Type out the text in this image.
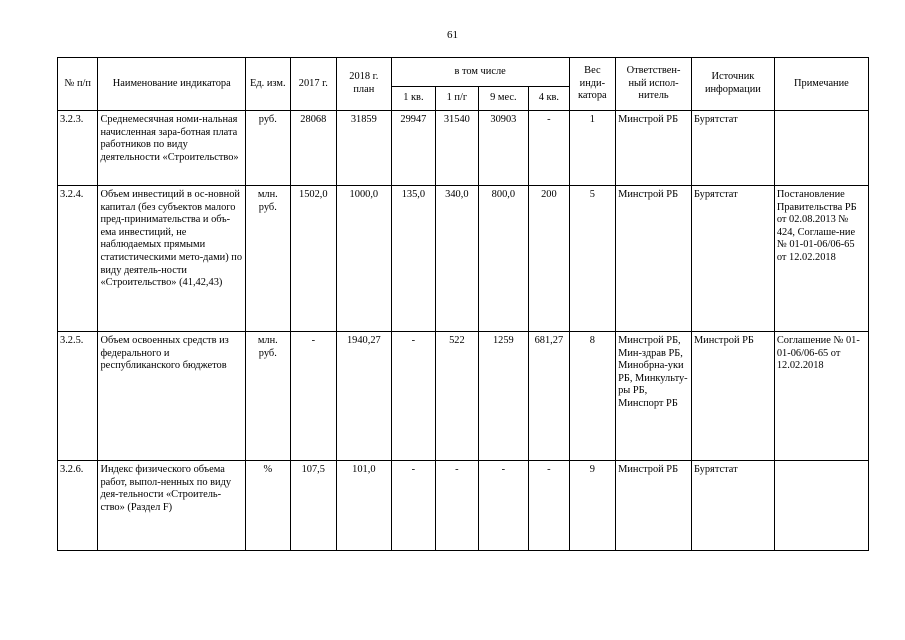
61
№ п/п	Наименование индикатора	Ед. изм.	2017 г.	2018 г. план	в том числе				Вес инди-катора	Ответствен-ный испол-нитель	Источник информации	Примечание
					1 кв.	1 п/г	9 мес.	4 кв.				
3.2.3.	Среднемесячная номи-нальная начисленная зара-ботная плата работников по виду деятельности «Строительство»	руб.	28068	31859	29947	31540	30903	-	1	Минстрой РБ	Бурятстат	
3.2.4.	Объем инвестиций в ос-новной капитал (без субъектов малого пред-принимательства и объ-ема инвестиций, не наблюдаемых прямыми статистическими мето-дами) по виду деятель-ности «Строительство» (41,42,43)	млн. руб.	1502,0	1000,0	135,0	340,0	800,0	200	5	Минстрой РБ	Бурятстат	Постановление Правительства РБ от 02.08.2013 № 424, Соглаше-ние № 01-01-06/06-65 от 12.02.2018
3.2.5.	Объем освоенных средств из федерального и республиканского бюджетов	млн. руб.	-	1940,27	-	522	1259	681,27	8	Минстрой РБ, Мин-здрав РБ, Минобрна-уки РБ, Минкульту-ры РБ, Минспорт РБ	Минстрой РБ	Соглашение № 01-01-06/06-65 от 12.02.2018
3.2.6.	Индекс физического объема работ, выпол-ненных по виду дея-тельности «Строитель-ство» (Раздел F)	%	107,5	101,0	-	-	-	-	9	Минстрой РБ	Бурятстат	
